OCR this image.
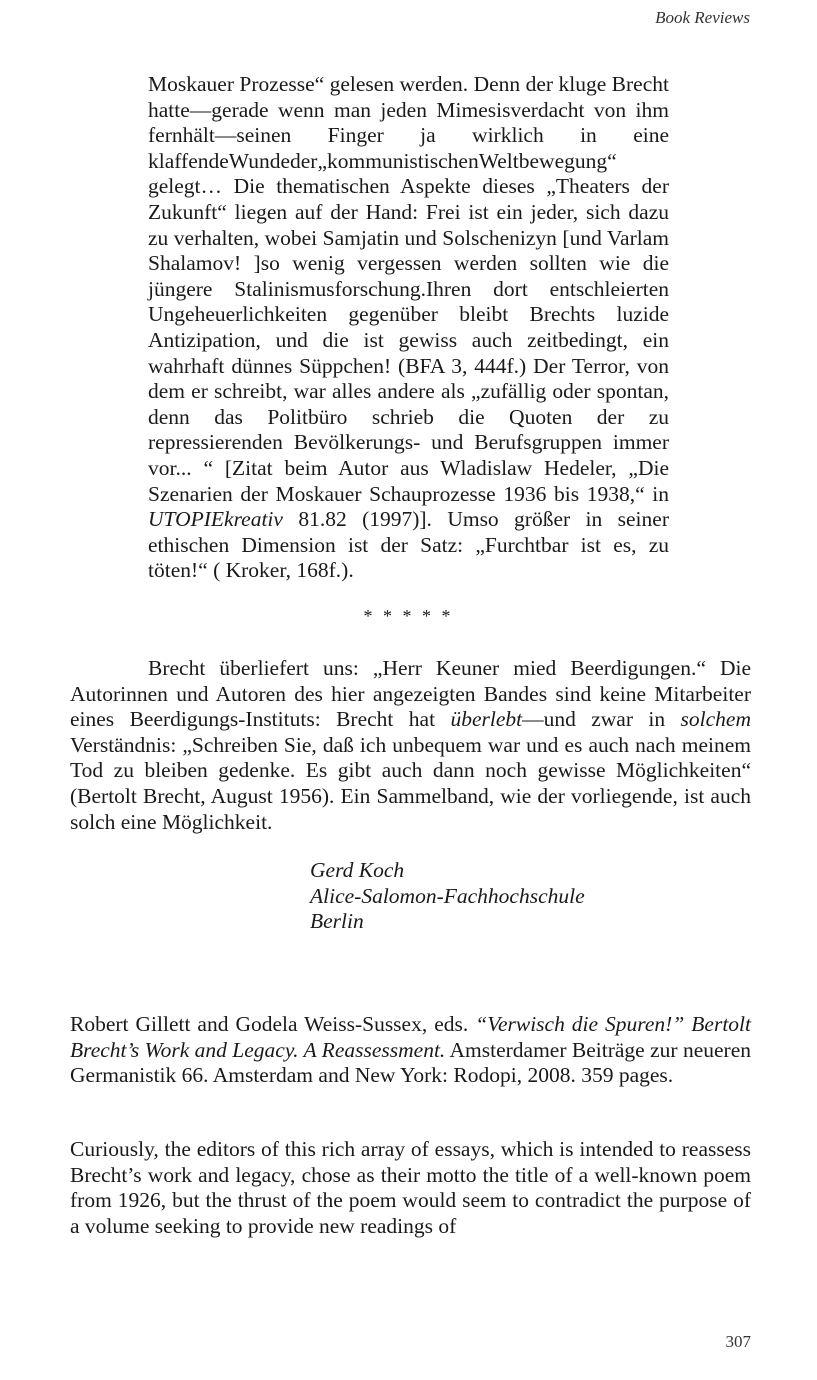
Book Reviews

Moskauer Prozesse“ gelesen werden. Denn der kluge Brecht hatte—gerade wenn man jeden Mimesisverdacht von ihm fernhält—seinen Finger ja wirklich in eine klaffendeWundeder„kommunistischenWeltbewegung“ gelegt… Die thematischen Aspekte dieses „Theaters der Zukunft“ liegen auf der Hand: Frei ist ein jeder, sich dazu zu verhalten, wobei Samjatin und Solschenizyn [und Varlam Shalamov! ]so wenig vergessen werden sollten wie die jüngere Stalinismusforschung.Ihren dort entschleierten Ungeheuerlichkeiten gegenüber bleibt Brechts luzide Antizipation, und die ist gewiss auch zeitbedingt, ein wahrhaft dünnes Süppchen! (BFA 3, 444f.) Der Terror, von dem er schreibt, war alles andere als „zufällig oder spontan, denn das Politbüro schrieb die Quoten der zu repressierenden Bevölkerungs- und Berufsgruppen immer vor... “ [Zitat beim Autor aus Wladislaw Hedeler, „Die Szenarien der Moskauer Schauprozesse 1936 bis 1938,“ in UTOPIEkreativ 81.82 (1997)]. Umso größer in seiner ethischen Dimension ist der Satz: „Furchtbar ist es, zu töten!“ ( Kroker, 168f.).

* * * * *

Brecht überliefert uns: „Herr Keuner mied Beerdigungen.“ Die Autorinnen und Autoren des hier angezeigten Bandes sind keine Mitarbeiter eines Beerdigungs-Instituts: Brecht hat überlebt—und zwar in solchem Verständnis: „Schreiben Sie, daß ich unbequem war und es auch nach meinem Tod zu bleiben gedenke. Es gibt auch dann noch gewisse Möglichkeiten“ (Bertolt Brecht, August 1956). Ein Sammelband, wie der vorliegende, ist auch solch eine Möglichkeit.

Gerd Koch
Alice-Salomon-Fachhochschule
Berlin

Robert Gillett and Godela Weiss-Sussex, eds. “Verwisch die Spuren!” Bertolt Brecht’s Work and Legacy. A Reassessment. Amsterdamer Beiträge zur neueren Germanistik 66. Amsterdam and New York: Rodopi, 2008. 359 pages.

Curiously, the editors of this rich array of essays, which is intended to reassess Brecht’s work and legacy, chose as their motto the title of a well-known poem from 1926, but the thrust of the poem would seem to contradict the purpose of a volume seeking to provide new readings of

307
